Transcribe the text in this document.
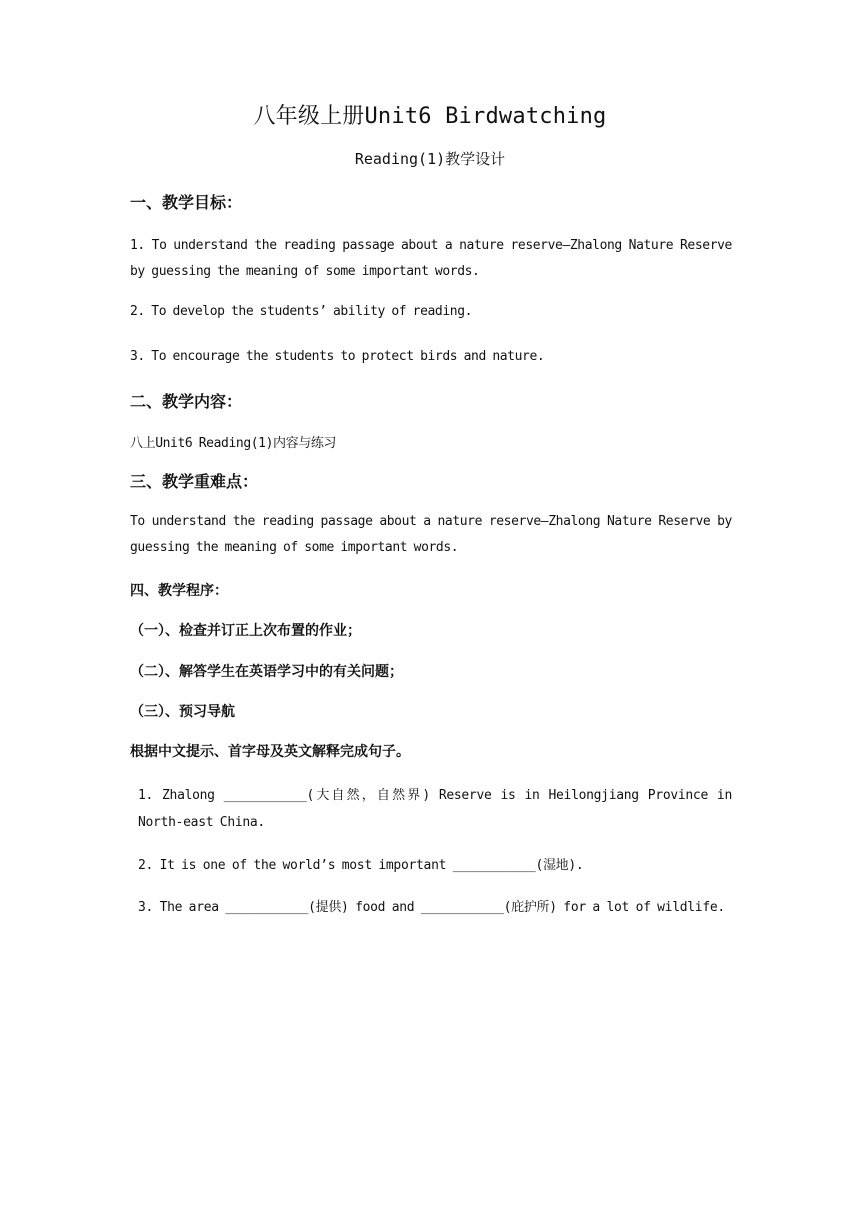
八年级上册Unit6 Birdwatching
Reading(1)教学设计
一、教学目标：
1. To understand the reading passage about a nature reserve—Zhalong Nature Reserve by guessing the meaning of some important words.
2. To develop the students’ ability of reading.
3. To encourage the students to protect birds and nature.
二、教学内容：
八上Unit6 Reading(1)内容与练习
三、教学重难点：
To understand the reading passage about a nature reserve—Zhalong Nature Reserve by guessing the meaning of some important words.
四、教学程序：
（一）、检查并订正上次布置的作业；
（二）、解答学生在英语学习中的有关问题；
（三）、预习导航
根据中文提示、首字母及英文解释完成句子。
1. Zhalong ___________(大自然，自然界) Reserve is in Heilongjiang Province in North-east China.
2. It is one of the world’s most important ___________(湿地).
3. The area ___________(提供) food and ___________(庇护所) for a lot of wildlife.
